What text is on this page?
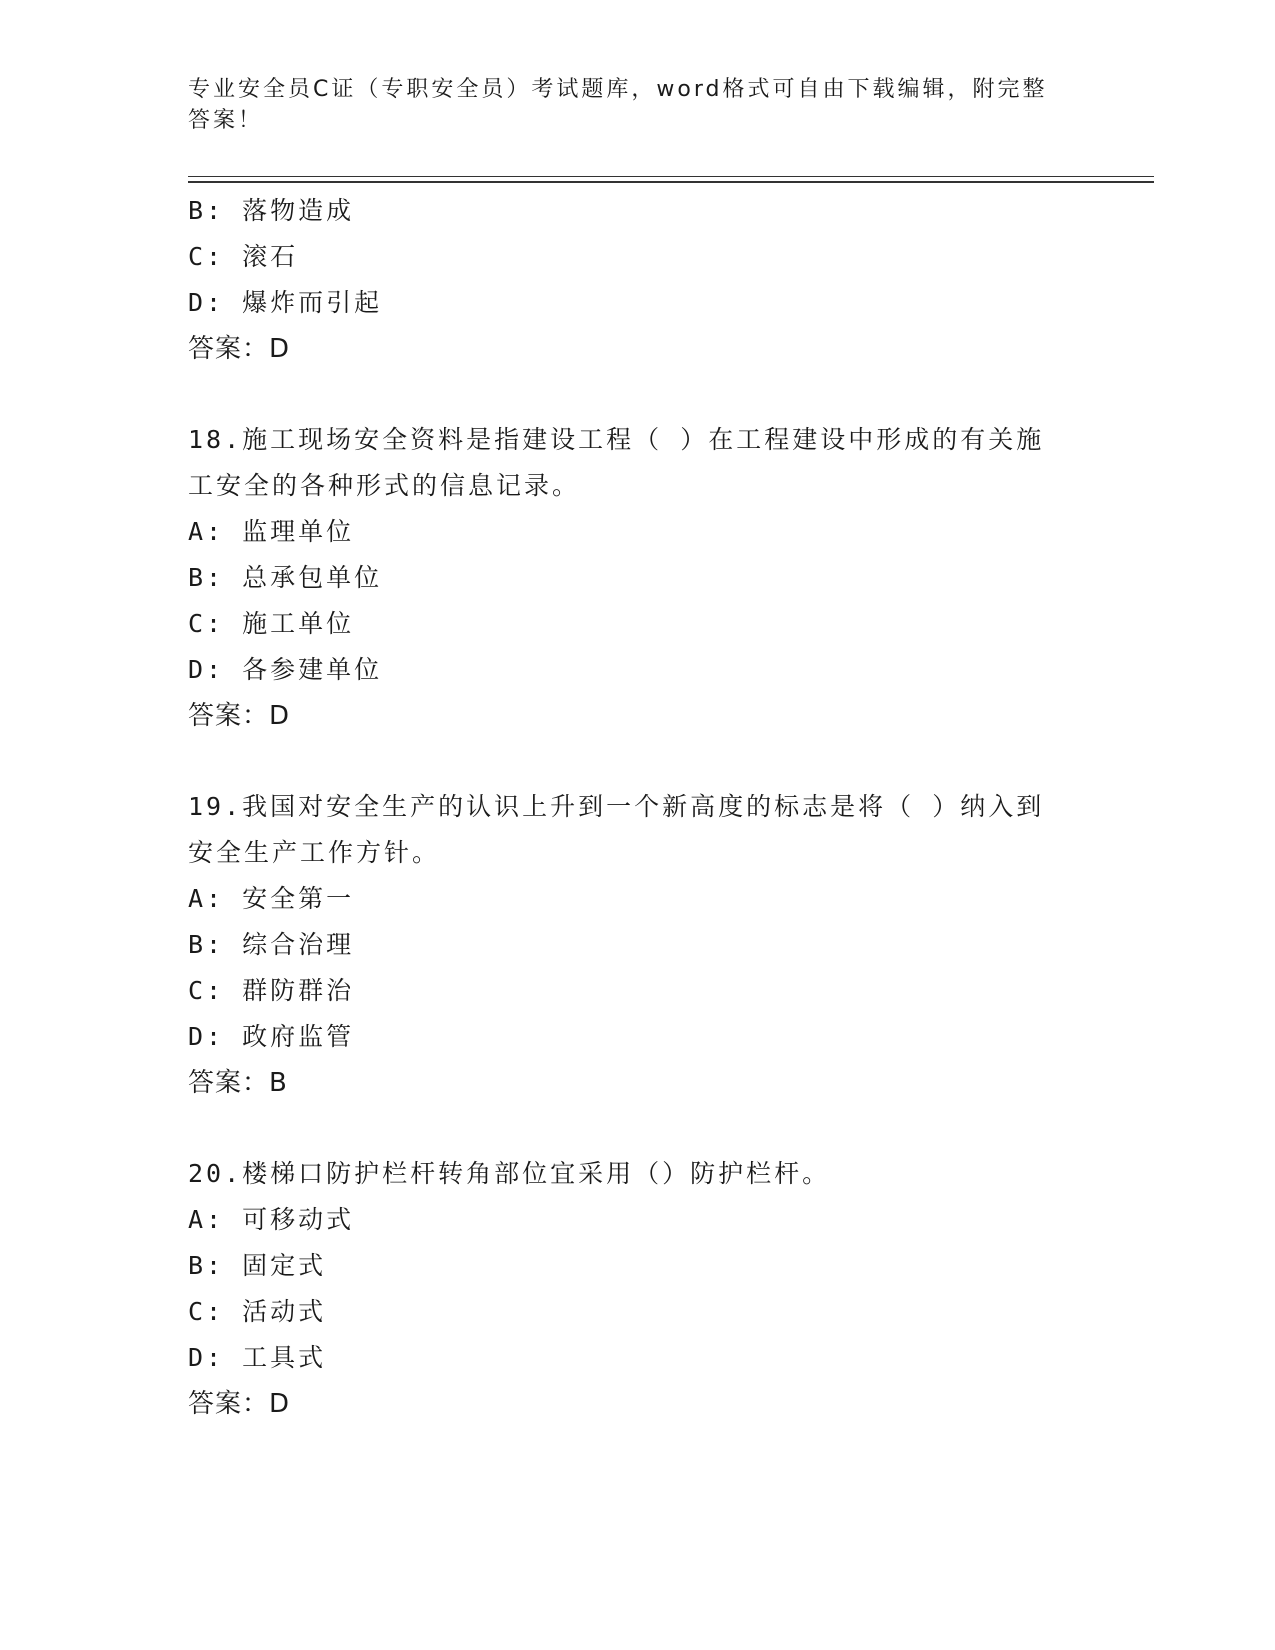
专业安全员C证（专职安全员）考试题库，word格式可自由下载编辑，附完整答案！
B: 落物造成
C: 滚石
D: 爆炸而引起
答案：D
18.施工现场安全资料是指建设工程（ ）在工程建设中形成的有关施
工安全的各种形式的信息记录。
A: 监理单位
B: 总承包单位
C: 施工单位
D: 各参建单位
答案：D
19.我国对安全生产的认识上升到一个新高度的标志是将（ ）纳入到
安全生产工作方针。
A: 安全第一
B: 综合治理
C: 群防群治
D: 政府监管
答案：B
20.楼梯口防护栏杆转角部位宜采用（）防护栏杆。
A: 可移动式
B: 固定式
C: 活动式
D: 工具式
答案：D
